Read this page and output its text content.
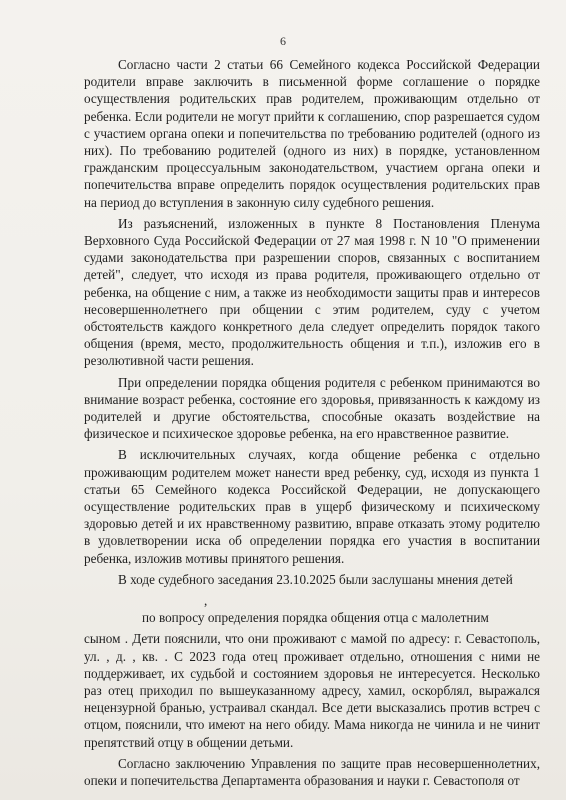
6

Согласно части 2 статьи 66 Семейного кодекса Российской Федерации родители вправе заключить в письменной форме соглашение о порядке осуществления родительских прав родителем, проживающим отдельно от ребенка. Если родители не могут прийти к соглашению, спор разрешается судом с участием органа опеки и попечительства по требованию родителей (одного из них). По требованию родителей (одного из них) в порядке, установленном гражданским процессуальным законодательством, участием органа опеки и попечительства вправе определить порядок осуществления родительских прав на период до вступления в законную силу судебного решения.

Из разъяснений, изложенных в пункте 8 Постановления Пленума Верховного Суда Российской Федерации от 27 мая 1998 г. N 10 "О применении судами законодательства при разрешении споров, связанных с воспитанием детей", следует, что исходя из права родителя, проживающего отдельно от ребенка, на общение с ним, а также из необходимости защиты прав и интересов несовершеннолетнего при общении с этим родителем, суду с учетом обстоятельств каждого конкретного дела следует определить порядок такого общения (время, место, продолжительность общения и т.п.), изложив его в резолютивной части решения.

При определении порядка общения родителя с ребенком принимаются во внимание возраст ребенка, состояние его здоровья, привязанность к каждому из родителей и другие обстоятельства, способные оказать воздействие на физическое и психическое здоровье ребенка, на его нравственное развитие.

В исключительных случаях, когда общение ребенка с отдельно проживающим родителем может нанести вред ребенку, суд, исходя из пункта 1 статьи 65 Семейного кодекса Российской Федерации, не допускающего осуществление родительских прав в ущерб физическому и психическому здоровью детей и их нравственному развитию, вправе отказать этому родителю в удовлетворении иска об определении порядка его участия в воспитании ребенка, изложив мотивы принятого решения.

В ходе судебного заседания 23.10.2025 были заслушаны мнения детей

,

по вопросу определения порядка общения отца с малолетним

сыном . Дети пояснили, что они проживают с мамой по адресу: г. Севастополь, ул. , д. , кв. . С 2023 года отец проживает отдельно, отношения с ними не поддерживает, их судьбой и состоянием здоровья не интересуется. Несколько раз отец приходил по вышеуказанному адресу, хамил, оскорблял, выражался нецензурной бранью, устраивал скандал. Все дети высказались против встреч с отцом, пояснили, что имеют на него обиду. Мама никогда не чинила и не чинит препятствий отцу в общении детьми.

Согласно заключению Управления по защите прав несовершеннолетних, опеки и попечительства Департамента образования и науки г. Севастополя от
